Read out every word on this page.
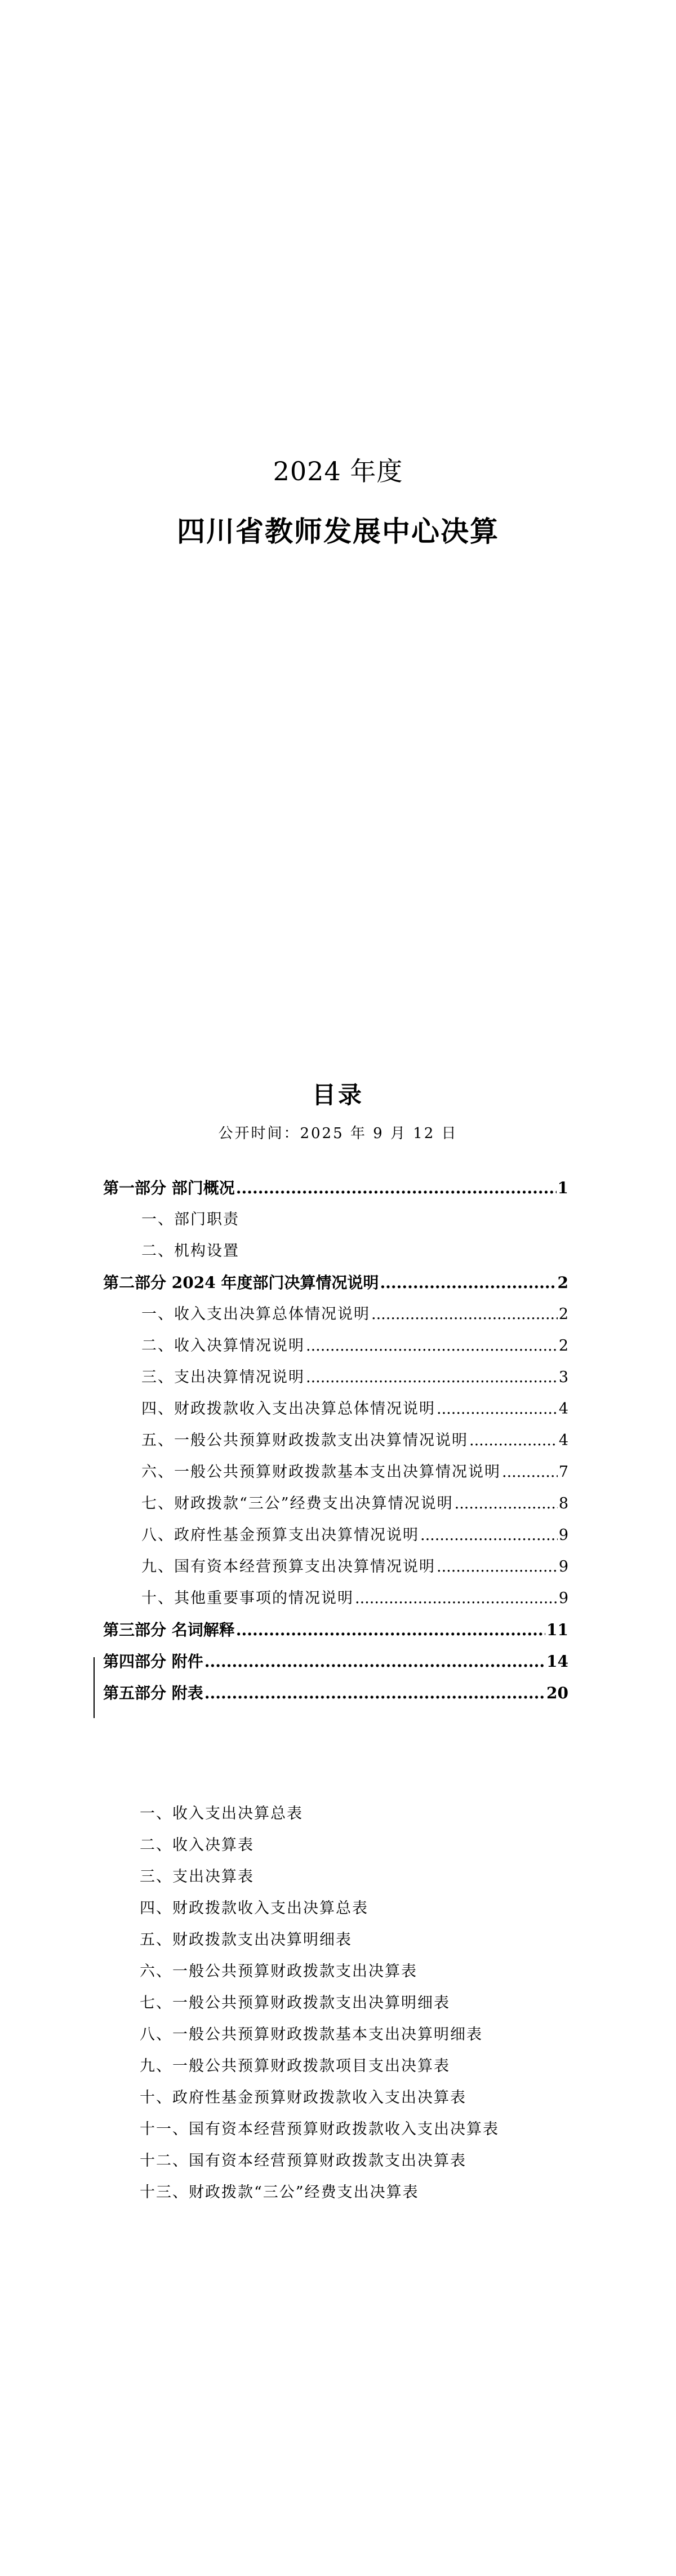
2024 年度
四川省教师发展中心决算
目录
公开时间：2025 年 9 月 12 日
第一部分 部门概况 .....	1
一、部门职责
二、机构设置
第二部分 2024 年度部门决算情况说明 .....	2
一、收入支出决算总体情况说明 .....	2
二、收入决算情况说明 .....	2
三、支出决算情况说明 .....	3
四、财政拨款收入支出决算总体情况说明 .....	4
五、一般公共预算财政拨款支出决算情况说明 .....	4
六、一般公共预算财政拨款基本支出决算情况说明 .....	7
七、财政拨款“三公”经费支出决算情况说明 .....	8
八、政府性基金预算支出决算情况说明 .....	9
九、国有资本经营预算支出决算情况说明 .....	9
十、其他重要事项的情况说明 .....	9
第三部分 名词解释 .....	11
第四部分 附件 .....	14
第五部分 附表 .....	20
一、收入支出决算总表
二、收入决算表
三、支出决算表
四、财政拨款收入支出决算总表
五、财政拨款支出决算明细表
六、一般公共预算财政拨款支出决算表
七、一般公共预算财政拨款支出决算明细表
八、一般公共预算财政拨款基本支出决算明细表
九、一般公共预算财政拨款项目支出决算表
十、政府性基金预算财政拨款收入支出决算表
十一、国有资本经营预算财政拨款收入支出决算表
十二、国有资本经营预算财政拨款支出决算表
十三、财政拨款“三公”经费支出决算表
